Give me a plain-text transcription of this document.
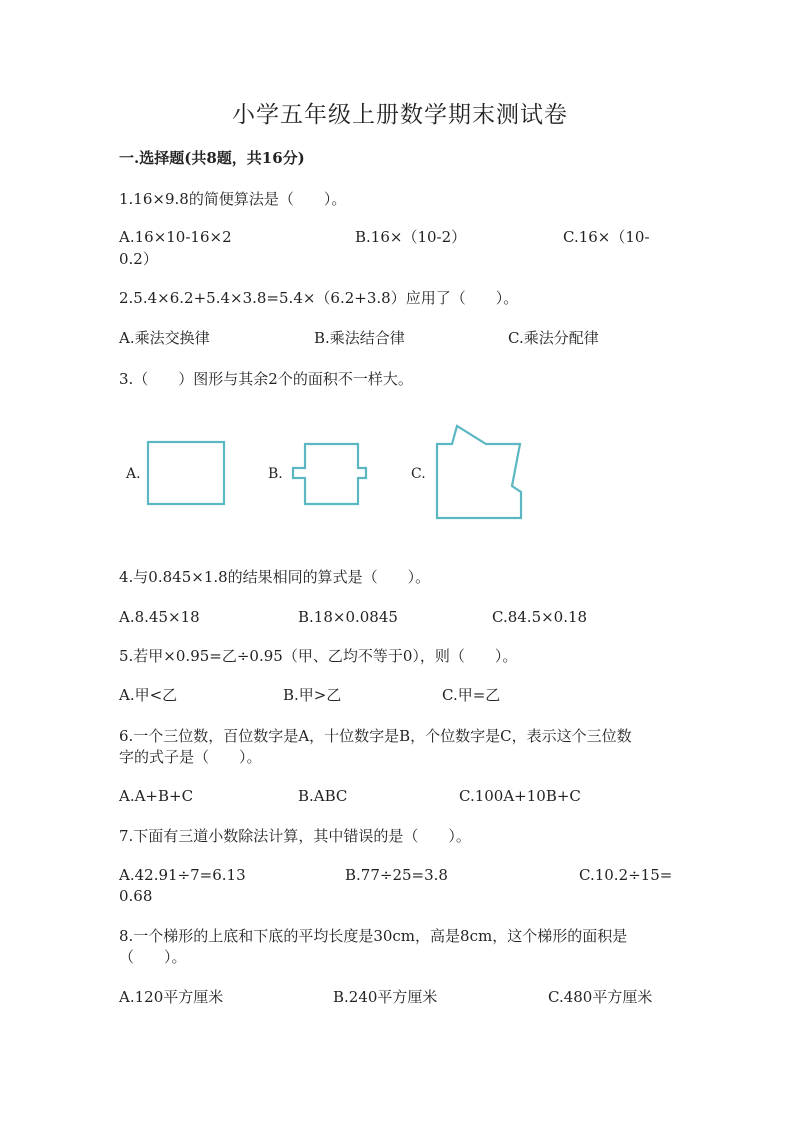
小学五年级上册数学期末测试卷
一.选择题(共8题，共16分)
1.16×9.8的简便算法是（　　）。
A.16×10-16×2	B.16×（10-2）	C.16×（10-
0.2）
2.5.4×6.2+5.4×3.8=5.4×（6.2+3.8）应用了（　　）。
A.乘法交换律	B.乘法结合律	C.乘法分配律
3.（　　）图形与其余2个的面积不一样大。
A.	B.	C.
4.与0.845×1.8的结果相同的算式是（　　）。
A.8.45×18	B.18×0.0845	C.84.5×0.18
5.若甲×0.95=乙÷0.95（甲、乙均不等于0），则（　　）。
A.甲<乙	B.甲>乙	C.甲=乙
6.一个三位数，百位数字是A，十位数字是B，个位数字是C，表示这个三位数
字的式子是（　　）。
A.A+B+C	B.ABC	C.100A+10B+C
7.下面有三道小数除法计算，其中错误的是（　　）。
A.42.91÷7=6.13	B.77÷25=3.8	C.10.2÷15=
0.68
8.一个梯形的上底和下底的平均长度是30cm，高是8cm，这个梯形的面积是
（　　）。
A.120平方厘米	B.240平方厘米	C.480平方厘米
